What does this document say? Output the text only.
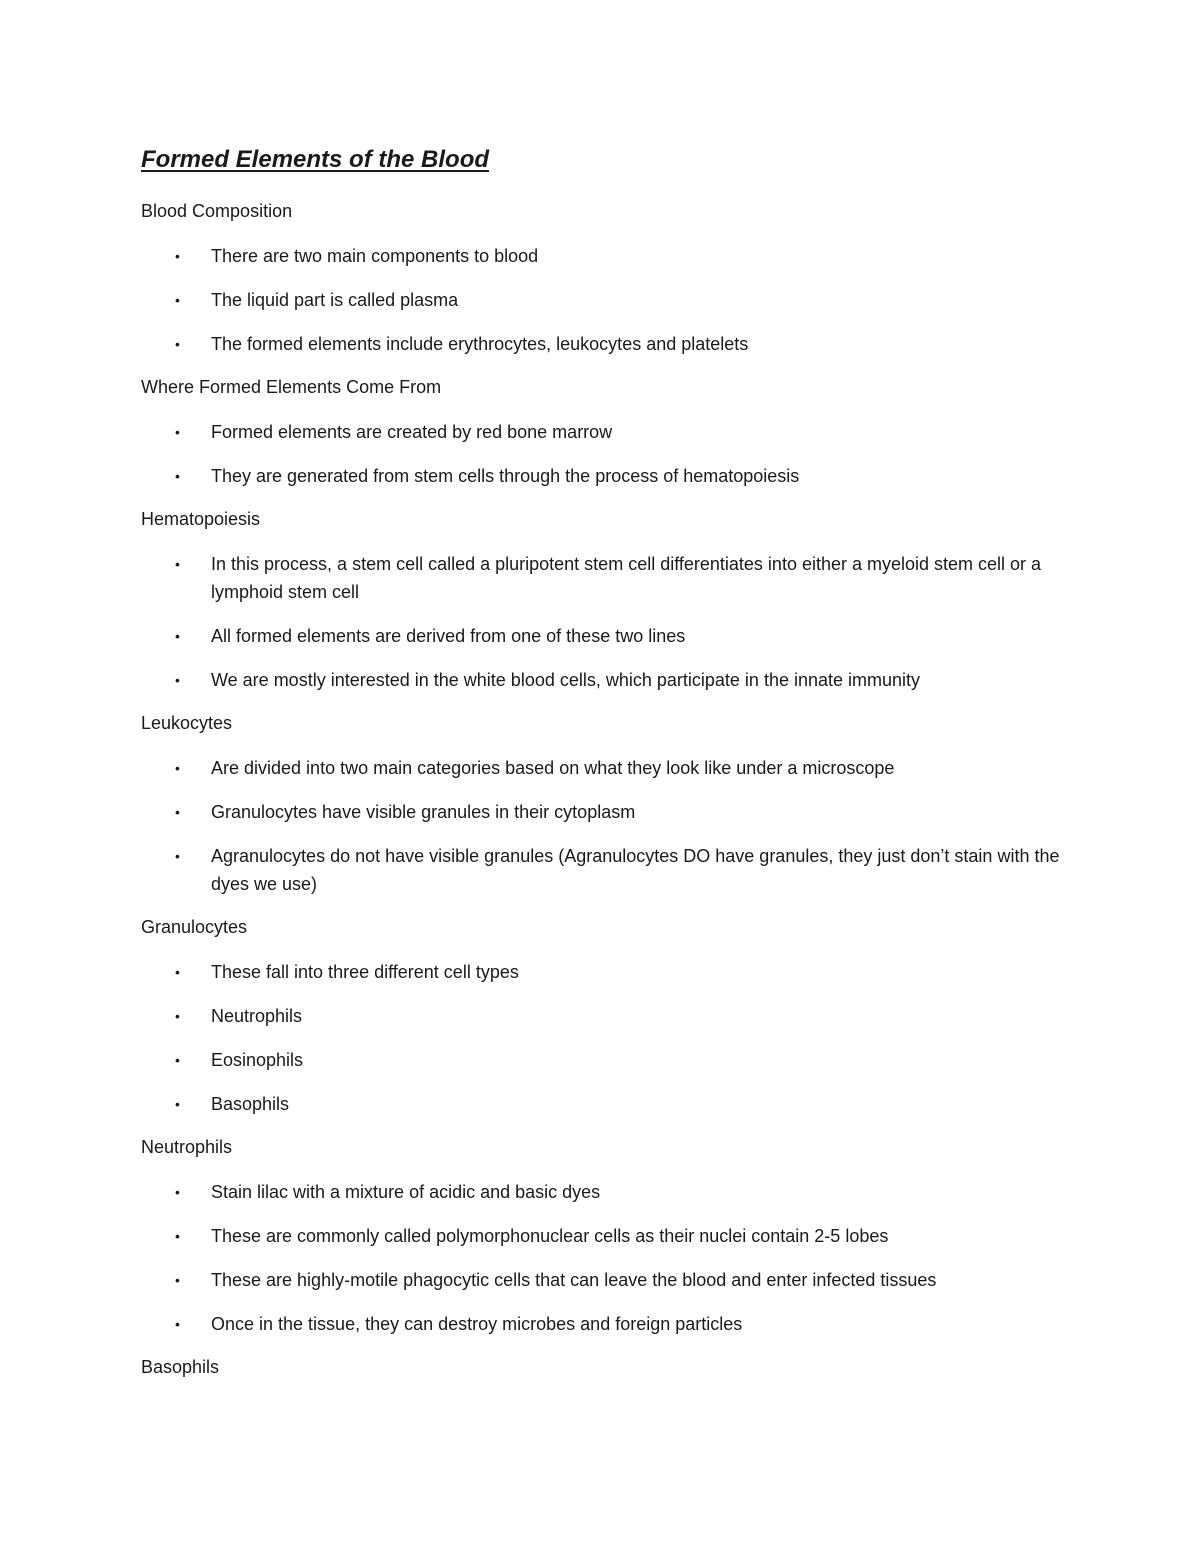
Formed Elements of the Blood
Blood Composition
• There are two main components to blood
• The liquid part is called plasma
• The formed elements include erythrocytes, leukocytes and platelets
Where Formed Elements Come From
• Formed elements are created by red bone marrow
• They are generated from stem cells through the process of hematopoiesis
Hematopoiesis
• In this process, a stem cell called a pluripotent stem cell differentiates into either a myeloid stem cell or a lymphoid stem cell
• All formed elements are derived from one of these two lines
• We are mostly interested in the white blood cells, which participate in the innate immunity
Leukocytes
• Are divided into two main categories based on what they look like under a microscope
• Granulocytes have visible granules in their cytoplasm
• Agranulocytes do not have visible granules (Agranulocytes DO have granules, they just don’t stain with the dyes we use)
Granulocytes
• These fall into three different cell types
• Neutrophils
• Eosinophils
• Basophils
Neutrophils
• Stain lilac with a mixture of acidic and basic dyes
• These are commonly called polymorphonuclear cells as their nuclei contain 2-5 lobes
• These are highly-motile phagocytic cells that can leave the blood and enter infected tissues
• Once in the tissue, they can destroy microbes and foreign particles
Basophils
